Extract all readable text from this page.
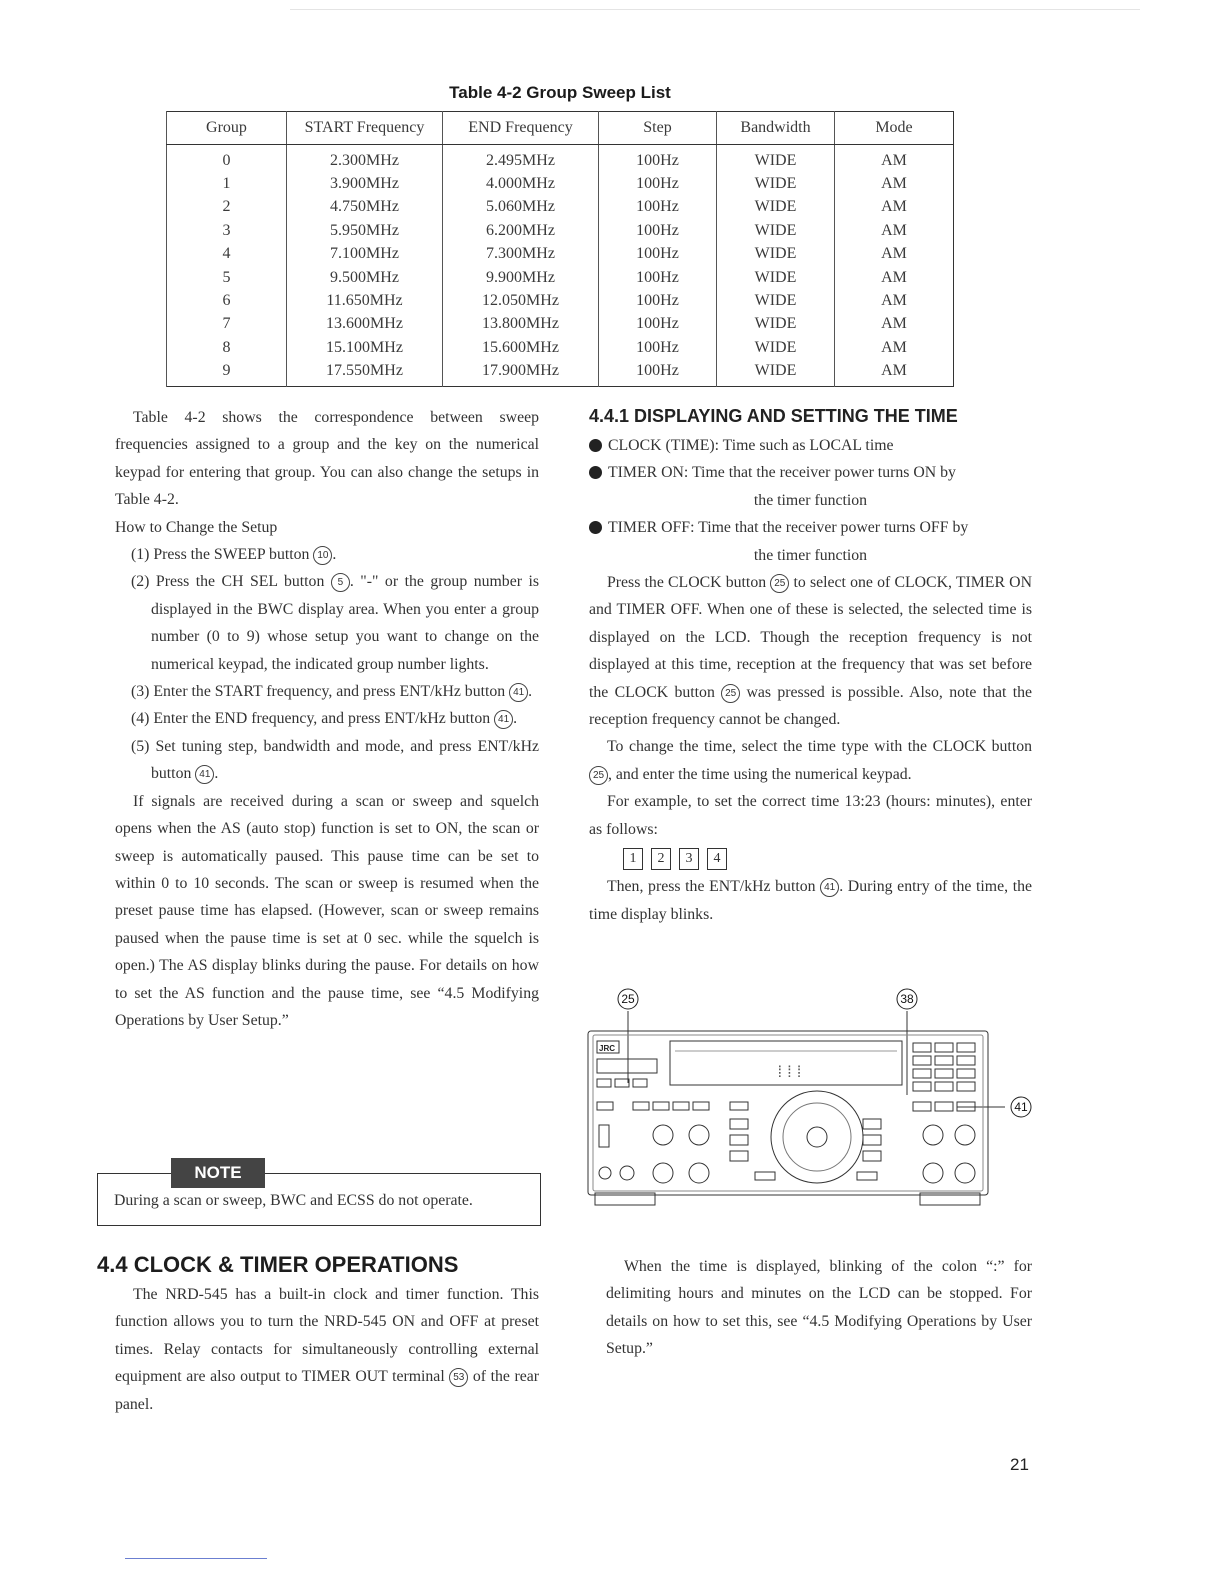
Table 4-2 Group Sweep List
Group	START Frequency	END Frequency	Step	Bandwidth	Mode
0	2.300MHz	2.495MHz	100Hz	WIDE	AM
1	3.900MHz	4.000MHz	100Hz	WIDE	AM
2	4.750MHz	5.060MHz	100Hz	WIDE	AM
3	5.950MHz	6.200MHz	100Hz	WIDE	AM
4	7.100MHz	7.300MHz	100Hz	WIDE	AM
5	9.500MHz	9.900MHz	100Hz	WIDE	AM
6	11.650MHz	12.050MHz	100Hz	WIDE	AM
7	13.600MHz	13.800MHz	100Hz	WIDE	AM
8	15.100MHz	15.600MHz	100Hz	WIDE	AM
9	17.550MHz	17.900MHz	100Hz	WIDE	AM

Table 4-2 shows the correspondence between sweep frequencies assigned to a group and the key on the numerical keypad for entering that group. You can also change the setups in Table 4-2.

How to Change the Setup

(1) Press the SWEEP button 10 .

(2) Press the CH SEL button 5 . "-" or the group number is displayed in the BWC display area. When you enter a group number (0 to 9) whose setup you want to change on the numerical keypad, the indicated group number lights.

(3) Enter the START frequency, and press ENT/kHz button 41 .

(4) Enter the END frequency, and press ENT/kHz button 41 .

(5) Set tuning step, bandwidth and mode, and press ENT/kHz button 41 .

If signals are received during a scan or sweep and squelch opens when the AS (auto stop) function is set to ON, the scan or sweep is automatically paused. This pause time can be set to within 0 to 10 seconds. The scan or sweep is resumed when the preset pause time has elapsed. (However, scan or sweep remains paused when the pause time is set at 0 sec. while the squelch is open.) The AS display blinks during the pause. For details on how to set the AS function and the pause time, see “4.5 Modifying Operations by User Setup.”

NOTE
During a scan or sweep, BWC and ECSS do not operate.
4.4 CLOCK & TIMER OPERATIONS

The NRD-545 has a built-in clock and timer function. This function allows you to turn the NRD-545 ON and OFF at preset times. Relay contacts for simultaneously controlling external equipment are also output to TIMER OUT terminal 53 of the rear panel.

4.4.1 DISPLAYING AND SETTING THE TIME

CLOCK (TIME): Time such as LOCAL time

TIMER ON: Time that the receiver power turns ON by

the timer function

TIMER OFF: Time that the receiver power turns OFF by

the timer function

Press the CLOCK button 25 to select one of CLOCK, TIMER ON and TIMER OFF. When one of these is selected, the selected time is displayed on the LCD. Though the reception frequency is not displayed at this time, reception at the frequency that was set before the CLOCK button 25 was pressed is possible. Also, note that the reception frequency cannot be changed.

To change the time, select the time type with the CLOCK button 25 , and enter the time using the numerical keypad.

For example, to set the correct time 13:23 (hours: minutes), enter as follows:

1 2 3 4

Then, press the ENT/kHz button 41 . During entry of the time, the time display blinks.

⁞⁞⁞
JRC
25	38
41

When the time is displayed, blinking of the colon “:” for delimiting hours and minutes on the LCD can be stopped. For details on how to set this, see “4.5 Modifying Operations by User Setup.”

21
